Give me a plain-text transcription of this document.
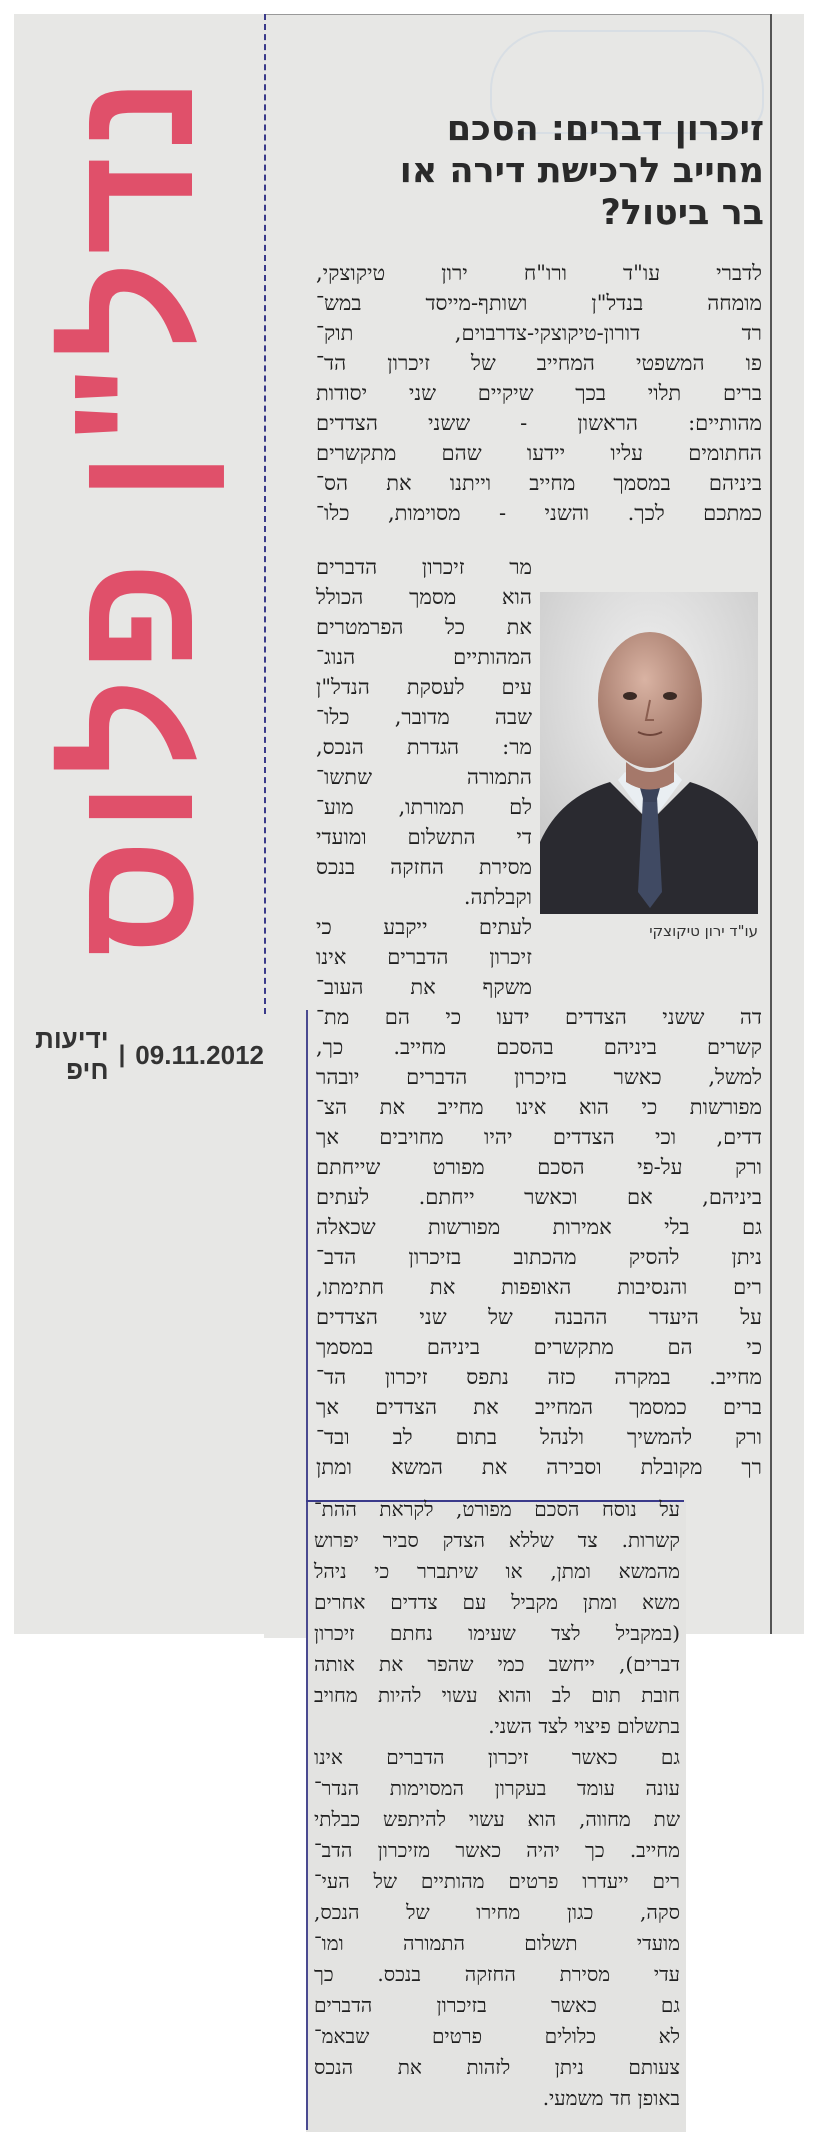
נדל"ן פלוס
09.11.2012
|
ידיעות חיפ
זיכרון דברים: הסכם
מחייב לרכישת דירה או
בר ביטול?
לדברי עו"ד ורו"ח ירון טיקוצקי,
מומחה בנדל"ן ושותף-מייסד במש־
רד דורון-טיקוצקי-צדרבוים, תוק־
פו המשפטי המחייב של זיכרון הד־
ברים תלוי בכך שיקיים שני יסודות
מהותיים: הראשון - ששני הצדדים
החתומים עליו יידעו שהם מתקשרים
ביניהם במסמך מחייב וייתנו את הס־
כמתכם לכך. והשני - מסוימות, כלו־
מר זיכרון הדברים
הוא מסמך הכולל
את כל הפרמטרים
המהותיים הנוג־
עים לעסקת הנדל"ן
שבה מדובר, כלו־
מר: הגדרת הנכס,
התמורה שתשו־
לם תמורתו, מוע־
די התשלום ומועדי
מסירת החזקה בנכס
וקבלתה.
לעתים ייקבע כי
זיכרון הדברים אינו
משקף את העוב־
עו"ד ירון טיקוצקי
דה ששני הצדדים ידעו כי הם מת־
קשרים ביניהם בהסכם מחייב. כך,
למשל, כאשר בזיכרון הדברים יובהר
מפורשות כי הוא אינו מחייב את הצ־
דדים, וכי הצדדים יהיו מחויבים אך
ורק על-פי הסכם מפורט שייחתם
ביניהם, אם וכאשר ייחתם. לעתים
גם בלי אמירות מפורשות שכאלה
ניתן להסיק מהכתוב בזיכרון הדב־
רים והנסיבות האופפות את חתימתו,
על היעדר ההבנה של שני הצדדים
כי הם מתקשרים ביניהם במסמך
מחייב. במקרה כזה נתפס זיכרון הד־
ברים כמסמך המחייב את הצדדים אך
ורק להמשיך ולנהל בתום לב ובד־
רך מקובלת וסבירה את המשא ומתן
על נוסח הסכם מפורט, לקראת ההת־
קשרות. צד שללא הצדק סביר יפרוש
מהמשא ומתן, או שיתברר כי ניהל
משא ומתן מקביל עם צדדים אחרים
(במקביל לצד שעימו נחתם זיכרון
דברים), ייחשב כמי שהפר את אותה
חובת תום לב והוא עשוי להיות מחויב
בתשלום פיצוי לצד השני.
גם כאשר זיכרון הדברים אינו
עונה עומד בעקרון המסוימות הנדר־
שת מחווה, הוא עשוי להיתפש כבלתי
מחייב. כך יהיה כאשר מזיכרון הדב־
רים ייעדרו פרטים מהותיים של העי־
סקה, כגון מחירו של הנכס,
מועדי תשלום התמורה ומו־
עדי מסירת החזקה בנכס. כך
גם כאשר בזיכרון הדברים
לא כלולים פרטים שבאמ־
צעותם ניתן לזהות את הנכס
באופן חד משמעי.
